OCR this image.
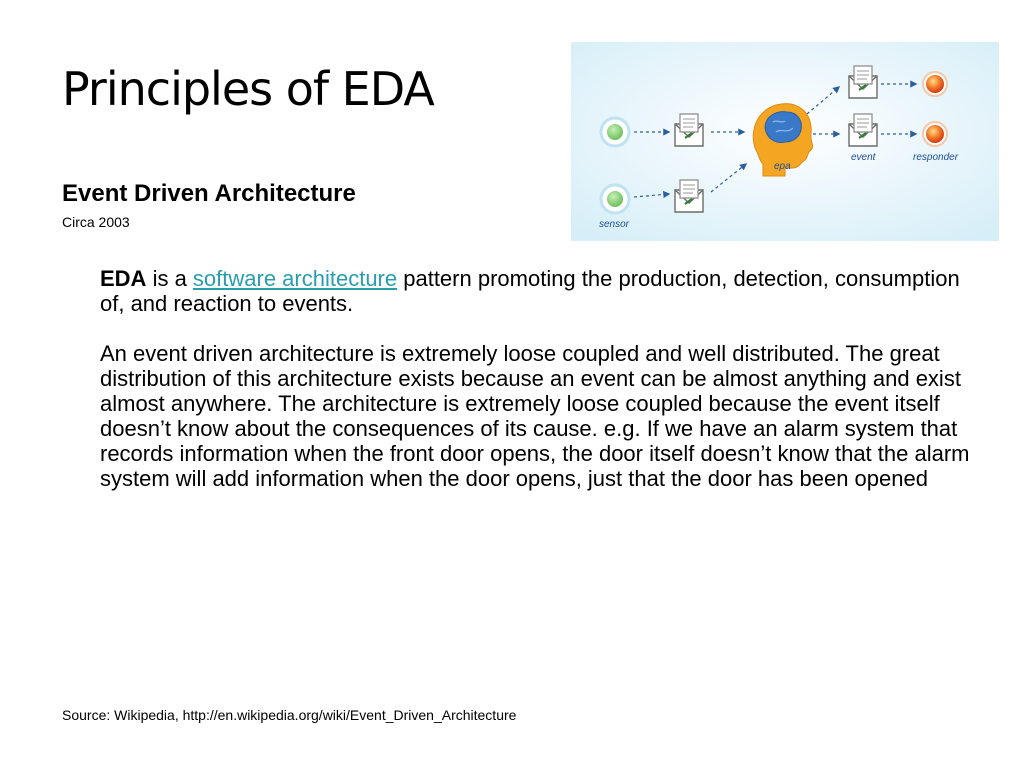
Principles of EDA
Event Driven Architecture
Circa 2003	sensor
epa
event	responder

EDA is a software architecture pattern promoting the production, detection, consumption of, and reaction to events.

An event driven architecture is extremely loose coupled and well distributed. The great distribution of this architecture exists because an event can be almost anything and exist almost anywhere. The architecture is extremely loose coupled because the event itself doesn’t know about the consequences of its cause. e.g. If we have an alarm system that records information when the front door opens, the door itself doesn’t know that the alarm system will add information when the door opens, just that the door has been opened

Source: Wikipedia, http://en.wikipedia.org/wiki/Event_Driven_Architecture
